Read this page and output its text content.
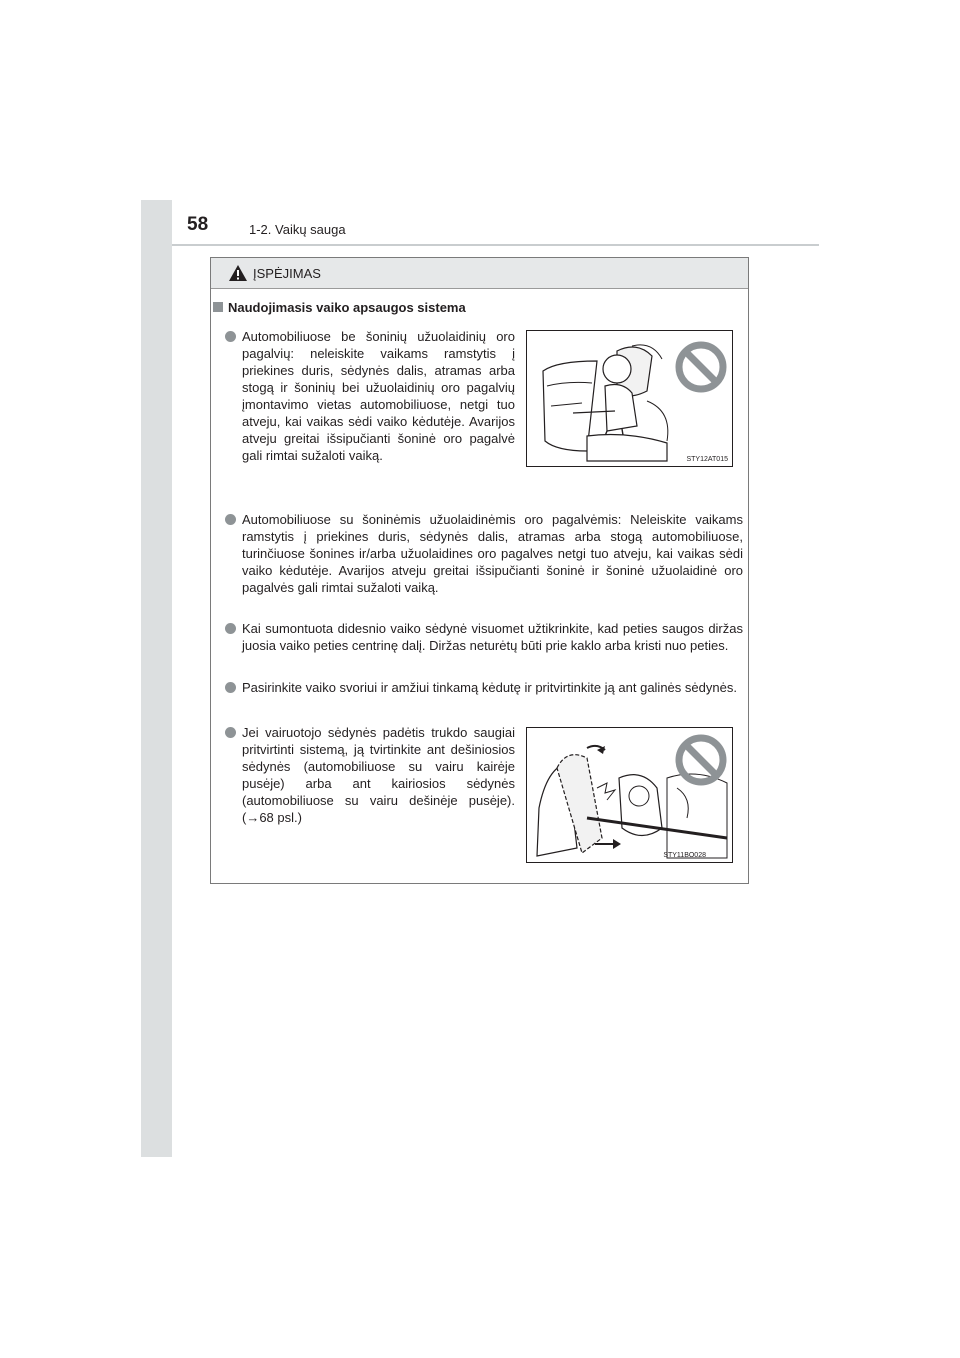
58	1-2. Vaikų sauga
ĮSPĖJIMAS
Naudojimasis vaiko apsaugos sistema
Automobiliuose be šoninių užuolaidinių oro pagalvių: neleiskite vaikams ramstytis į priekines duris, sėdynės dalis, atramas arba stogą ir šoninių bei užuolaidinių oro pagalvių įmontavimo vietas automobiliuose, netgi tuo atveju, kai vaikas sėdi vaiko kėdutėje. Avarijos atveju greitai išsipučianti šoninė oro pagalvė gali rimtai sužaloti vaiką.	STY12AT015
Automobiliuose su šoninėmis užuolaidinėmis oro pagalvėmis: Neleiskite vaikams ramstytis į priekines duris, sėdynės dalis, atramas arba stogą automobiliuose, turinčiuose šonines ir/arba užuolaidines oro pagalves netgi tuo atveju, kai vaikas sėdi vaiko kėdutėje. Avarijos atveju greitai išsipučianti šoninė ir šoninė užuolaidinė oro pagalvės gali rimtai sužaloti vaiką.
Kai sumontuota didesnio vaiko sėdynė visuomet užtikrinkite, kad peties saugos diržas juosia vaiko peties centrinę dalį. Diržas neturėtų būti prie kaklo arba kristi nuo peties.
Pasirinkite vaiko svoriui ir amžiui tinkamą kėdutę ir pritvirtinkite ją ant galinės sėdynės.
Jei vairuotojo sėdynės padėtis trukdo saugiai pritvirtinti sistemą, ją tvirtinkite ant dešiniosios sėdynės (automobiliuose su vairu kairėje pusėje) arba ant kairiosios sėdynės (automobiliuose su vairu dešinėje pusėje). (→68 psl.)
STY11BO028
